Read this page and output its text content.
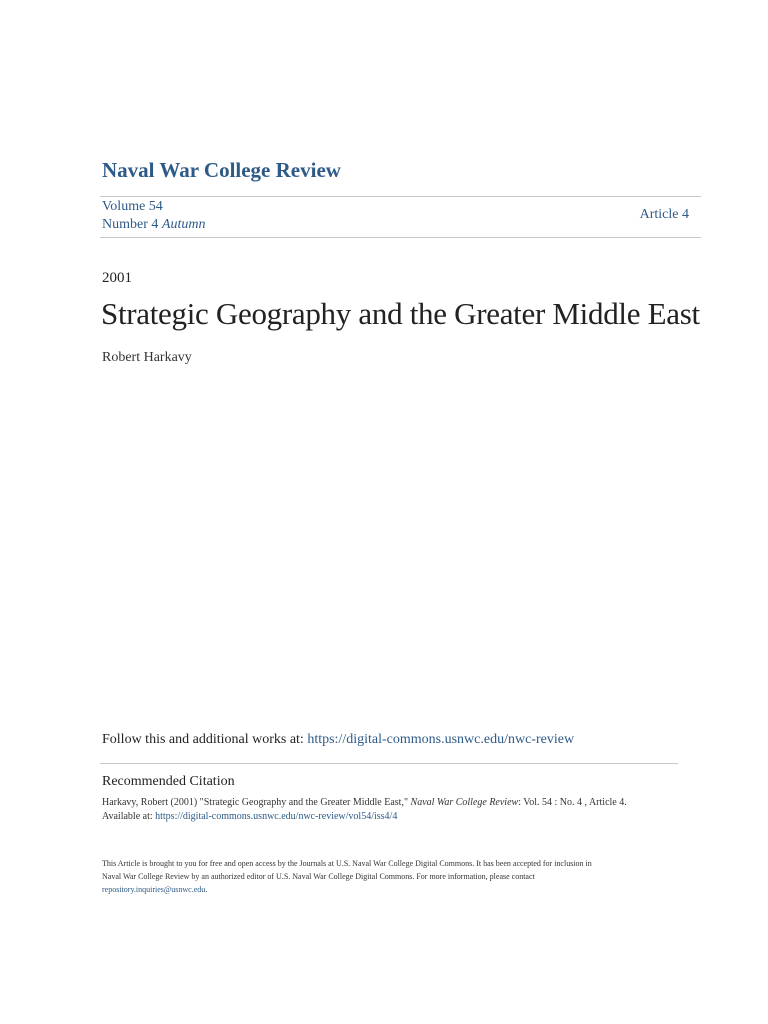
Naval War College Review
Volume 54
Number 4 Autumn
Article 4
2001
Strategic Geography and the Greater Middle East
Robert Harkavy
Follow this and additional works at: https://digital-commons.usnwc.edu/nwc-review
Recommended Citation
Harkavy, Robert (2001) "Strategic Geography and the Greater Middle East," Naval War College Review: Vol. 54 : No. 4 , Article 4.
Available at: https://digital-commons.usnwc.edu/nwc-review/vol54/iss4/4
This Article is brought to you for free and open access by the Journals at U.S. Naval War College Digital Commons. It has been accepted for inclusion in
Naval War College Review by an authorized editor of U.S. Naval War College Digital Commons. For more information, please contact
repository.inquiries@usnwc.edu.
